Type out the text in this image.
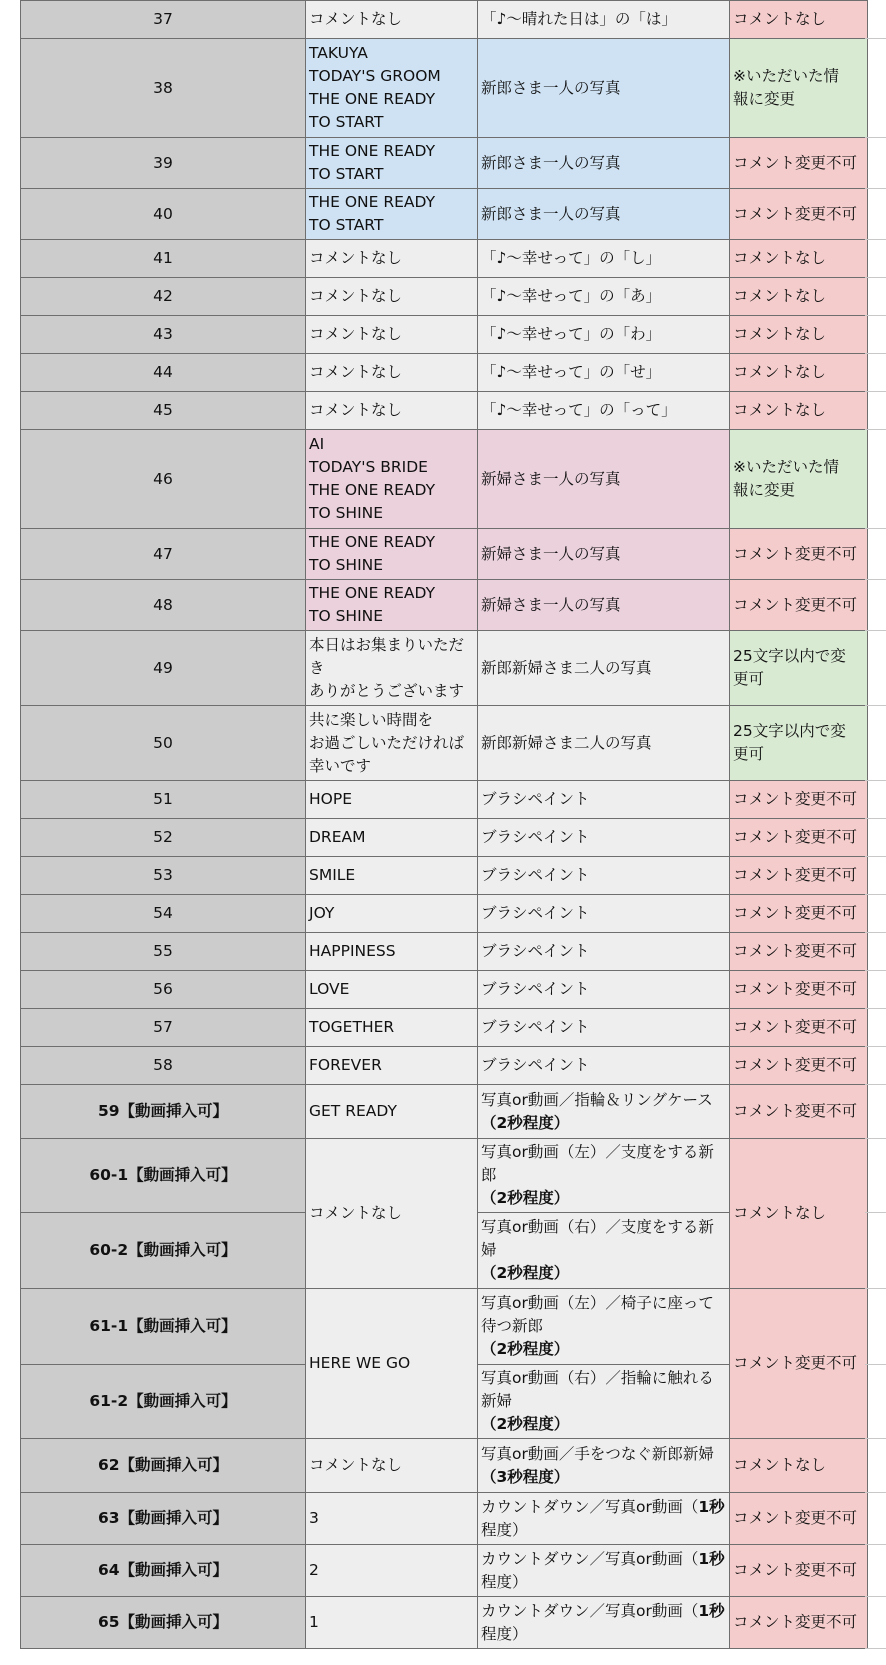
37	コメントなし	「♪～晴れた日は」の「は」	コメントなし

38	TAKUYA
TODAY'S GROOM
THE ONE READY
TO START	新郎さま一人の写真	※いただいた情
報に変更

39	THE ONE READY
TO START	新郎さま一人の写真	コメント変更不可

40	THE ONE READY
TO START	新郎さま一人の写真	コメント変更不可

41	コメントなし	「♪～幸せって」の「し」	コメントなし

42	コメントなし	「♪～幸せって」の「あ」	コメントなし

43	コメントなし	「♪～幸せって」の「わ」	コメントなし

44	コメントなし	「♪～幸せって」の「せ」	コメントなし

45	コメントなし	「♪～幸せって」の「って」	コメントなし

46	AI
TODAY'S BRIDE
THE ONE READY
TO SHINE	新婦さま一人の写真	※いただいた情
報に変更

47	THE ONE READY
TO SHINE	新婦さま一人の写真	コメント変更不可

48	THE ONE READY
TO SHINE	新婦さま一人の写真	コメント変更不可

49	本日はお集まりいただ
き
ありがとうございます	新郎新婦さま二人の写真	25文字以内で変
更可

50	共に楽しい時間を
お過ごしいただければ
幸いです	新郎新婦さま二人の写真	25文字以内で変
更可

51	HOPE	ブラシペイント	コメント変更不可

52	DREAM	ブラシペイント	コメント変更不可

53	SMILE	ブラシペイント	コメント変更不可

54	JOY	ブラシペイント	コメント変更不可

55	HAPPINESS	ブラシペイント	コメント変更不可

56	LOVE	ブラシペイント	コメント変更不可

57	TOGETHER	ブラシペイント	コメント変更不可

58	FOREVER	ブラシペイント	コメント変更不可

59【動画挿入可】	GET READY	写真or動画／指輪＆リングケース
（2秒程度）	コメント変更不可

60-1【動画挿入可】	コメントなし	写真or動画（左）／支度をする新
郎
（2秒程度）	コメントなし

60-2【動画挿入可】		写真or動画（右）／支度をする新
婦
（2秒程度）	

61-1【動画挿入可】	HERE WE GO	写真or動画（左）／椅子に座って
待つ新郎
（2秒程度）	コメント変更不可

61-2【動画挿入可】		写真or動画（右）／指輪に触れる
新婦
（2秒程度）	

62【動画挿入可】	コメントなし	写真or動画／手をつなぐ新郎新婦
（3秒程度）	コメントなし

63【動画挿入可】	3	カウントダウン／写真or動画（1秒
程度）	コメント変更不可

64【動画挿入可】	2	カウントダウン／写真or動画（1秒
程度）	コメント変更不可

65【動画挿入可】	1	カウントダウン／写真or動画（1秒
程度）	コメント変更不可
